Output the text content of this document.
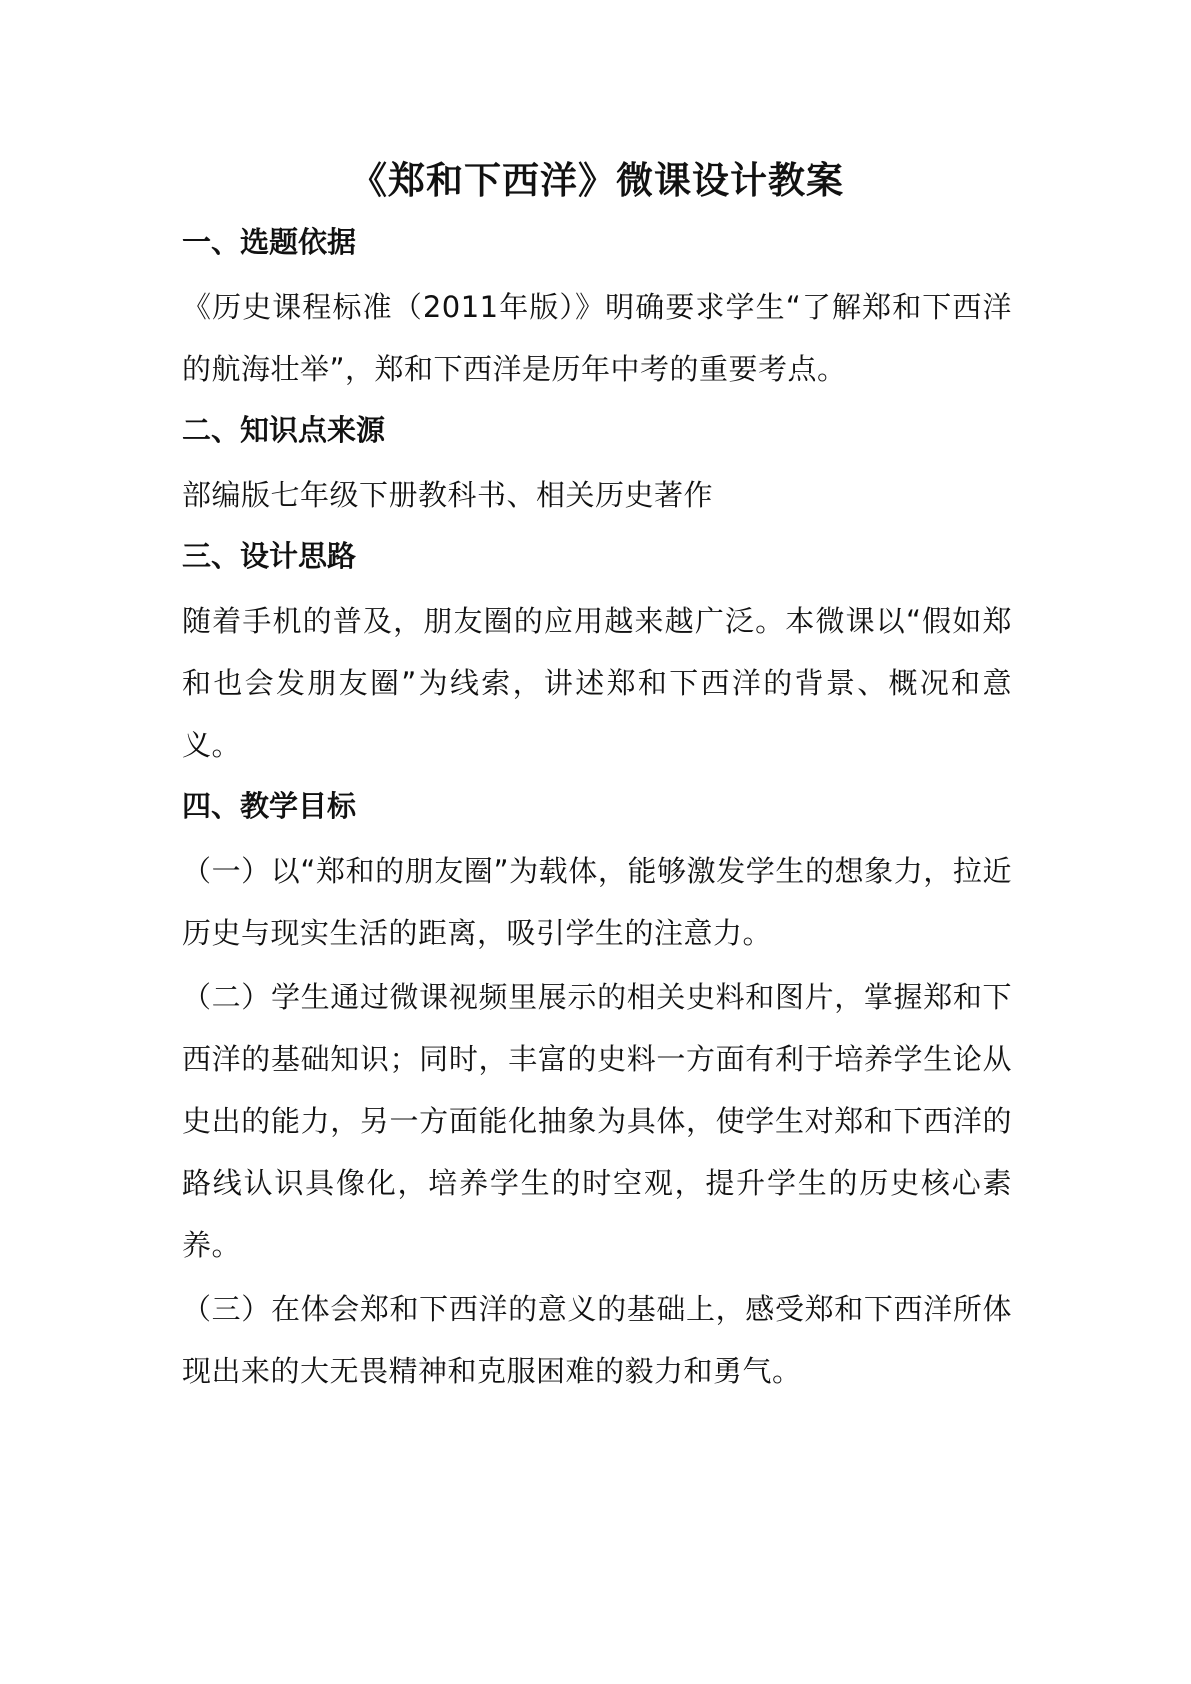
《郑和下西洋》微课设计教案
一、选题依据

《历史课程标准（2011年版）》明确要求学生“了解郑和下西洋的航海壮举”，郑和下西洋是历年中考的重要考点。

二、知识点来源

部编版七年级下册教科书、相关历史著作

三、设计思路

随着手机的普及，朋友圈的应用越来越广泛。本微课以“假如郑和也会发朋友圈”为线索，讲述郑和下西洋的背景、概况和意义。

四、教学目标

（一）以“郑和的朋友圈”为载体，能够激发学生的想象力，拉近历史与现实生活的距离，吸引学生的注意力。

（二）学生通过微课视频里展示的相关史料和图片，掌握郑和下西洋的基础知识；同时，丰富的史料一方面有利于培养学生论从史出的能力，另一方面能化抽象为具体，使学生对郑和下西洋的路线认识具像化，培养学生的时空观，提升学生的历史核心素养。

（三）在体会郑和下西洋的意义的基础上，感受郑和下西洋所体现出来的大无畏精神和克服困难的毅力和勇气。
